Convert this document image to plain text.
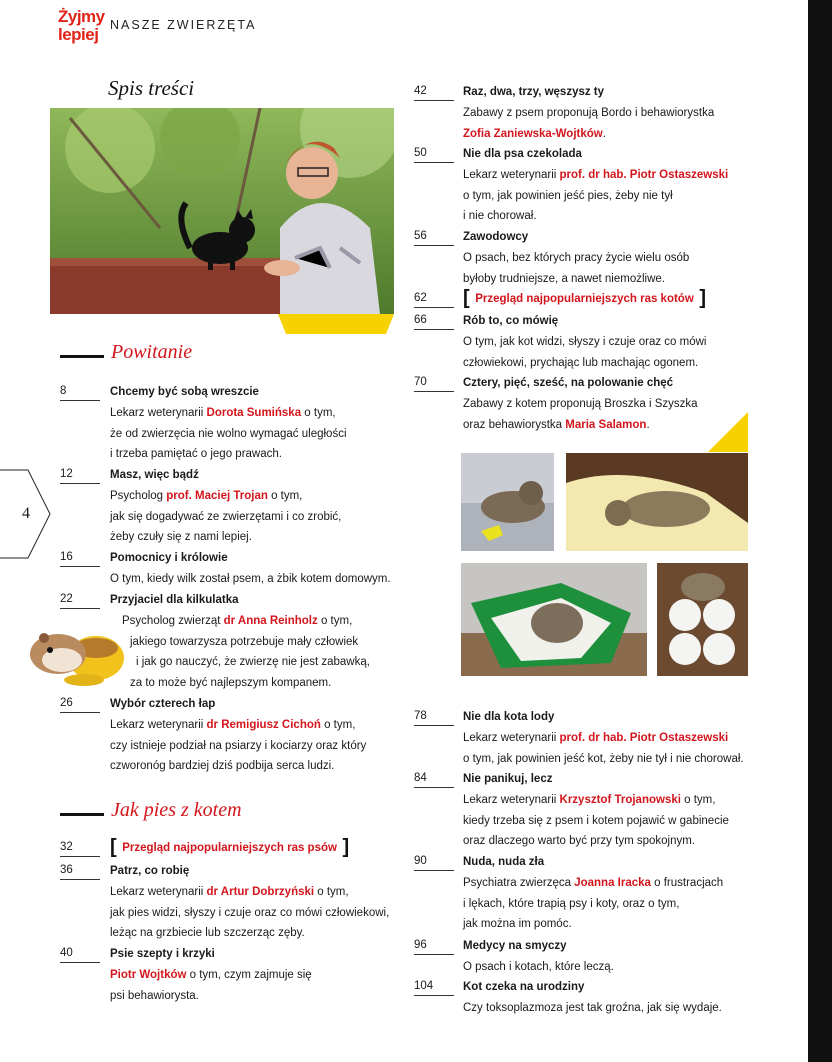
Żyjmy
lepiej NASZE ZWIERZĘTA
Spis treści
Powitanie
Jak pies z kotem
4
8	Chcemy być sobą wreszcie
Lekarz weterynarii Dorota Sumińska o tym,
że od zwierzęcia nie wolno wymagać uległości
i trzeba pamiętać o jego prawach.
12	Masz, więc bądź
Psycholog prof. Maciej Trojan o tym,
jak się dogadywać ze zwierzętami i co zrobić,
żeby czuły się z nami lepiej.
16	Pomocnicy i królowie
O tym, kiedy wilk został psem, a żbik kotem domowym.
22	Przyjaciel dla kilkulatka
Psycholog zwierząt dr Anna Reinholz o tym,
jakiego towarzysza potrzebuje mały człowiek
i jak go nauczyć, że zwierzę nie jest zabawką,
za to może być najlepszym kompanem.
26	Wybór czterech łap
Lekarz weterynarii dr Remigiusz Cichoń o tym,
czy istnieje podział na psiarzy i kociarzy oraz który
czworonóg bardziej dziś podbija serca ludzi.
32	[ Przegląd najpopularniejszych ras psów ]
36	Patrz, co robię
Lekarz weterynarii dr Artur Dobrzyński o tym,
jak pies widzi, słyszy i czuje oraz co mówi człowiekowi,
leżąc na grzbiecie lub szczerząc zęby.
40	Psie szepty i krzyki
Piotr Wojtków o tym, czym zajmuje się
psi behawiorysta.
42	Raz, dwa, trzy, węszysz ty
Zabawy z psem proponują Bordo i behawiorystka
Zofia Zaniewska-Wojtków.
50	Nie dla psa czekolada
Lekarz weterynarii prof. dr hab. Piotr Ostaszewski
o tym, jak powinien jeść pies, żeby nie tył
i nie chorował.
56	Zawodowcy
O psach, bez których pracy życie wielu osób
byłoby trudniejsze, a nawet niemożliwe.
62	[ Przegląd najpopularniejszych ras kotów ]
66	Rób to, co mówię
O tym, jak kot widzi, słyszy i czuje oraz co mówi
człowiekowi, prychając lub machając ogonem.
70	Cztery, pięć, sześć, na polowanie chęć
Zabawy z kotem proponują Broszka i Szyszka
oraz behawiorystka Maria Salamon.
78	Nie dla kota lody
Lekarz weterynarii prof. dr hab. Piotr Ostaszewski
o tym, jak powinien jeść kot, żeby nie tył i nie chorował.
84	Nie panikuj, lecz
Lekarz weterynarii Krzysztof Trojanowski o tym,
kiedy trzeba się z psem i kotem pojawić w gabinecie
oraz dlaczego warto być przy tym spokojnym.
90	Nuda, nuda zła
Psychiatra zwierzęca Joanna Iracka o frustracjach
i lękach, które trapią psy i koty, oraz o tym,
jak można im pomóc.
96	Medycy na smyczy
O psach i kotach, które leczą.
104	Kot czeka na urodziny
Czy toksoplazmoza jest tak groźna, jak się wydaje.
